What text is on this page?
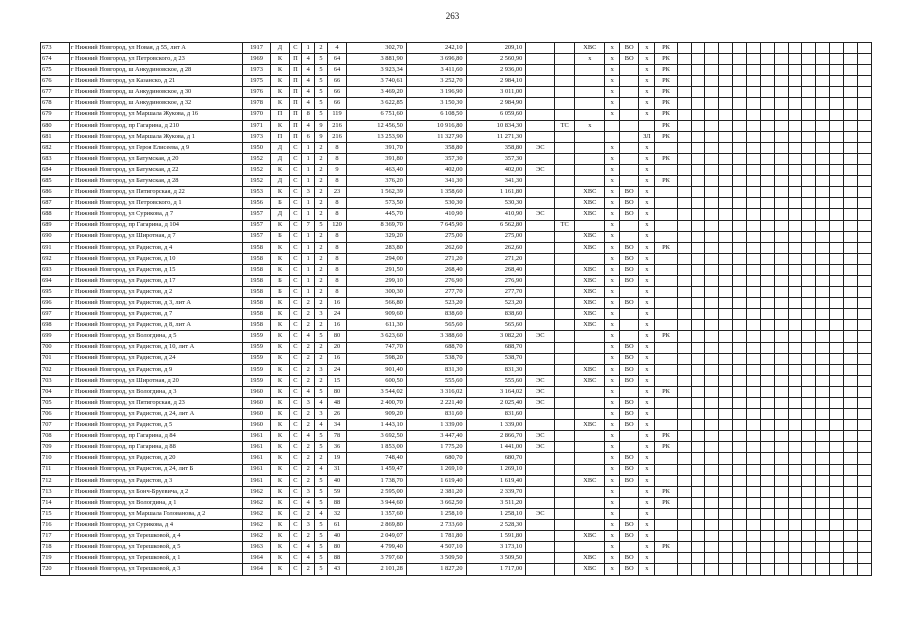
263
673	г Нижний Новгород, ул Новая, д 55, лит А	1917	Д	С	1	2	4	302,70	242,10	209,10			ХВС	x	ВО	x	РК														
674	г Нижний Новгород, ул Петровского, д 23	1969	К	П	4	5	64	3 881,90	3 696,80	2 560,90			x	x	ВО	x	РК														
675	г Нижний Новгород, ш Анкудиновское, д 28	1973	К	П	4	5	64	3 923,34	3 411,60	2 936,00				x		x	РК														
676	г Нижний Новгород, ул Казанско, д 21	1975	К	П	4	5	66	3 740,61	3 252,70	2 984,10				x		x	РК														
677	г Нижний Новгород, ш Анкудиновское, д 30	1976	К	П	4	5	66	3 469,20	3 196,90	3 011,00				x		x	РК														
678	г Нижний Новгород, ш Анкудиновское, д 32	1978	К	П	4	5	66	3 622,85	3 150,30	2 984,90				x		x	РК														
679	г Нижний Новгород, ул Маршала Жукова, д 16	1970	П	П	8	5	119	6 751,60	6 108,50	6 059,60				x		x	РК														
680	г Нижний Новгород, пр Гагарина, д 210	1971	К	П	4	9	216	12 456,50	10 916,80	10 834,30		ТС	x				РК														
681	г Нижний Новгород, ул Маршала Жукова, д 1	1973	П	П	6	9	216	13 253,90	11 327,90	11 271,30						ЗЛ	РК														
682	г Нижний Новгород, ул Героя Елисеева, д 9	1950	Д	С	1	2	8	391,70	358,80	358,80	ЭС			x		x															
683	г Нижний Новгород, ул Батумская, д 20	1952	Д	С	1	2	8	391,80	357,30	357,30				x		x	РК														
684	г Нижний Новгород, ул Батумская, д 22	1952	К	С	1	2	9	463,40	402,00	402,00	ЭС			x		x															
685	г Нижний Новгород, ул Батумская, д 28	1952	Д	С	1	2	8	376,20	341,30	341,30				x		x	РК														
686	г Нижний Новгород, ул Пятигорская, д 22	1953	К	С	3	2	23	1 562,39	1 358,60	1 161,80			ХВС	x	ВО	x															
687	г Нижний Новгород, ул Петровского, д 1	1956	Б	С	1	2	8	573,50	530,30	530,30			ХВС	x	ВО	x															
688	г Нижний Новгород, ул Сурикова, д 7	1957	Д	С	1	2	8	445,70	410,90	410,90	ЭС		ХВС	x	ВО	x															
689	г Нижний Новгород, пр Гагарина, д 104	1957	К	С	7	5	120	8 369,70	7 645,90	6 562,80		ТС		x		x															
690	г Нижний Новгород, ул Широтная, д 7	1957	Б	С	1	2	8	329,20	275,00	275,00			ХВС	x		x															
691	г Нижний Новгород, ул Радистов, д 4	1958	К	С	1	2	8	283,80	262,60	262,60			ХВС	x	ВО	x	РК														
692	г Нижний Новгород, ул Радистов, д 10	1958	К	С	1	2	8	294,00	271,20	271,20				x	ВО	x															
693	г Нижний Новгород, ул Радистов, д 15	1958	К	С	1	2	8	291,50	268,40	268,40			ХВС	x	ВО	x															
694	г Нижний Новгород, ул Радистов, д 17	1958	Б	С	1	2	8	299,10	276,90	276,90			ХВС	x	ВО	x															
695	г Нижний Новгород, ул Радистов, д 2	1958	Б	С	1	2	8	300,30	277,70	277,70			ХВС	x		x															
696	г Нижний Новгород, ул Радистов, д 3, лит А	1958	К	С	2	2	16	566,80	523,20	523,20			ХВС	x	ВО	x															
697	г Нижний Новгород, ул Радистов, д 7	1958	К	С	2	3	24	909,60	838,60	838,60			ХВС	x		x															
698	г Нижний Новгород, ул Радистов, д 8, лит А	1958	К	С	2	2	16	611,30	565,60	565,60			ХВС	x		x															
699	г Нижний Новгород, ул Вологдина, д 5	1959	К	С	4	5	80	3 623,60	3 388,60	3 082,20	ЭС			x		x	РК														
700	г Нижний Новгород, ул Радистов, д 10, лит А	1959	К	С	2	2	20	747,70	688,70	688,70				x	ВО	x															
701	г Нижний Новгород, ул Радистов, д 24	1959	К	С	2	2	16	598,20	538,70	538,70				x	ВО	x															
702	г Нижний Новгород, ул Радистов, д 9	1959	К	С	2	3	24	901,40	831,30	831,30			ХВС	x	ВО	x															
703	г Нижний Новгород, ул Широтная, д 20	1959	К	С	2	2	15	600,50	555,60	555,60	ЭС		ХВС	x	ВО	x															
704	г Нижний Новгород, ул Вологдина, д 3	1960	К	С	4	5	80	3 544,02	3 316,02	3 164,02	ЭС			x		x	РК														
705	г Нижний Новгород, ул Пятигорская, д 23	1960	К	С	3	4	48	2 400,70	2 221,40	2 025,40	ЭС			x	ВО	x															
706	г Нижний Новгород, ул Радистов, д 24, лит А	1960	К	С	2	3	26	909,20	831,60	831,60				x	ВО	x															
707	г Нижний Новгород, ул Радистов, д 5	1960	К	С	2	4	34	1 443,10	1 339,00	1 339,00			ХВС	x	ВО	x															
708	г Нижний Новгород, пр Гагарина, д 84	1961	К	С	4	5	78	3 692,50	3 447,40	2 866,70	ЭС			x		x	РК														
709	г Нижний Новгород, пр Гагарина, д 88	1961	К	С	2	5	36	1 853,00	1 775,20	1 441,00	ЭС			x		x	РК														
710	г Нижний Новгород, ул Радистов, д 20	1961	К	С	2	2	19	748,40	680,70	680,70				x	ВО	x															
711	г Нижний Новгород, ул Радистов, д 24, лит Б	1961	К	С	2	4	31	1 459,47	1 269,10	1 269,10				x	ВО	x															
712	г Нижний Новгород, ул Радистов, д 3	1961	К	С	2	5	40	1 738,70	1 619,40	1 619,40			ХВС	x	ВО	x															
713	г Нижний Новгород, ул Бонч-Бруевича, д 2	1962	К	С	3	5	59	2 595,00	2 381,20	2 339,70				x		x	РК														
714	г Нижний Новгород, ул Вологдина, д 1	1962	К	С	4	5	88	3 944,60	3 662,50	3 511,20				x		x	РК														
715	г Нижний Новгород, ул Маршала Голованова, д 2	1962	К	С	2	4	32	1 357,60	1 258,10	1 258,10	ЭС			x		x															
716	г Нижний Новгород, ул Сурикова, д 4	1962	К	С	3	5	61	2 869,80	2 733,60	2 528,30				x	ВО	x															
717	г Нижний Новгород, ул Терешковой, д 4	1962	К	С	2	5	40	2 049,07	1 781,80	1 591,80			ХВС	x	ВО	x															
718	г Нижний Новгород, ул Терешковой, д 5	1963	К	С	4	5	80	4 799,40	4 507,10	3 173,10				x		x	РК														
719	г Нижний Новгород, ул Терешковой, д 1	1964	К	С	4	5	88	3 797,60	3 509,50	3 509,50			ХВС	x	ВО	x															
720	г Нижний Новгород, ул Терешковой, д 3	1964	К	С	2	5	43	2 101,28	1 827,20	1 717,00			ХВС	x	ВО	x															
